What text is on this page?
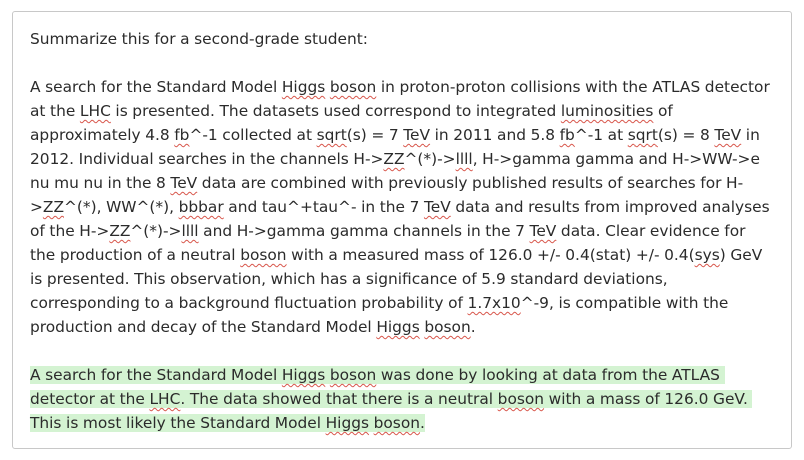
Summarize this for a second-grade student:

A search for the Standard Model Higgs boson in proton-proton collisions with the ATLAS detector at the LHC is presented. The datasets used correspond to integrated luminosities of approximately 4.8 fb^-1 collected at sqrt(s) = 7 TeV in 2011 and 5.8 fb^-1 at sqrt(s) = 8 TeV in 2012. Individual searches in the channels H->ZZ^(*)->llll, H->gamma gamma and H->WW->e nu mu nu in the 8 TeV data are combined with previously published results of searches for H->ZZ^(*), WW^(*), bbbar and tau^+tau^- in the 7 TeV data and results from improved analyses of the H->ZZ^(*)->llll and H->gamma gamma channels in the 7 TeV data. Clear evidence for the production of a neutral boson with a measured mass of 126.0 +/- 0.4(stat) +/- 0.4(sys) GeV is presented. This observation, which has a significance of 5.9 standard deviations, corresponding to a background fluctuation probability of 1.7x10^-9, is compatible with the production and decay of the Standard Model Higgs boson.

A search for the Standard Model Higgs boson was done by looking at data from the ATLAS detector at the LHC. The data showed that there is a neutral boson with a mass of 126.0 GeV. This is most likely the Standard Model Higgs boson.
